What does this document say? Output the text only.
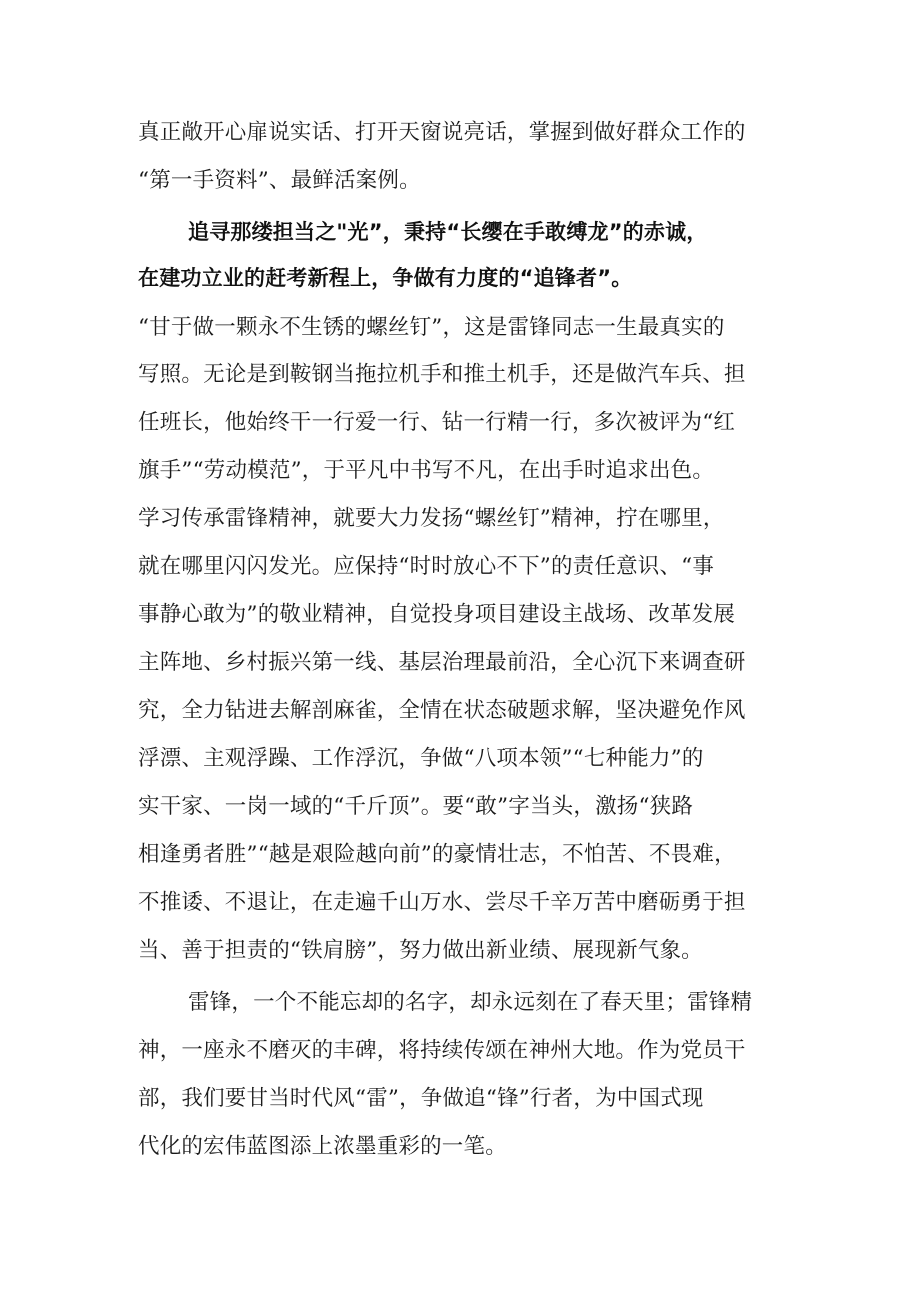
真正敞开心扉说实话、打开天窗说亮话，掌握到做好群众工作的

“第一手资料”、最鲜活案例。

追寻那缕担当之"光”，秉持“长缨在手敢缚龙”的赤诚，

在建功立业的赶考新程上，争做有力度的“追锋者”。

“甘于做一颗永不生锈的螺丝钉”，这是雷锋同志一生最真实的

写照。无论是到鞍钢当拖拉机手和推土机手，还是做汽车兵、担

任班长，他始终干一行爱一行、钻一行精一行，多次被评为“红

旗手”“劳动模范”，于平凡中书写不凡，在出手时追求出色。

学习传承雷锋精神，就要大力发扬“螺丝钉”精神，拧在哪里，

就在哪里闪闪发光。应保持“时时放心不下”的责任意识、“事

事静心敢为”的敬业精神，自觉投身项目建设主战场、改革发展

主阵地、乡村振兴第一线、基层治理最前沿，全心沉下来调查研

究，全力钻进去解剖麻雀，全情在状态破题求解，坚决避免作风

浮漂、主观浮躁、工作浮沉，争做“八项本领”“七种能力”的

实干家、一岗一域的“千斤顶”。要“敢”字当头，激扬“狭路

相逢勇者胜”“越是艰险越向前”的豪情壮志，不怕苦、不畏难，

不推诿、不退让，在走遍千山万水、尝尽千辛万苦中磨砺勇于担

当、善于担责的“铁肩膀”，努力做出新业绩、展现新气象。

雷锋，一个不能忘却的名字，却永远刻在了春天里；雷锋精

神，一座永不磨灭的丰碑，将持续传颂在神州大地。作为党员干

部，我们要甘当时代风“雷”，争做追“锋”行者，为中国式现

代化的宏伟蓝图添上浓墨重彩的一笔。
